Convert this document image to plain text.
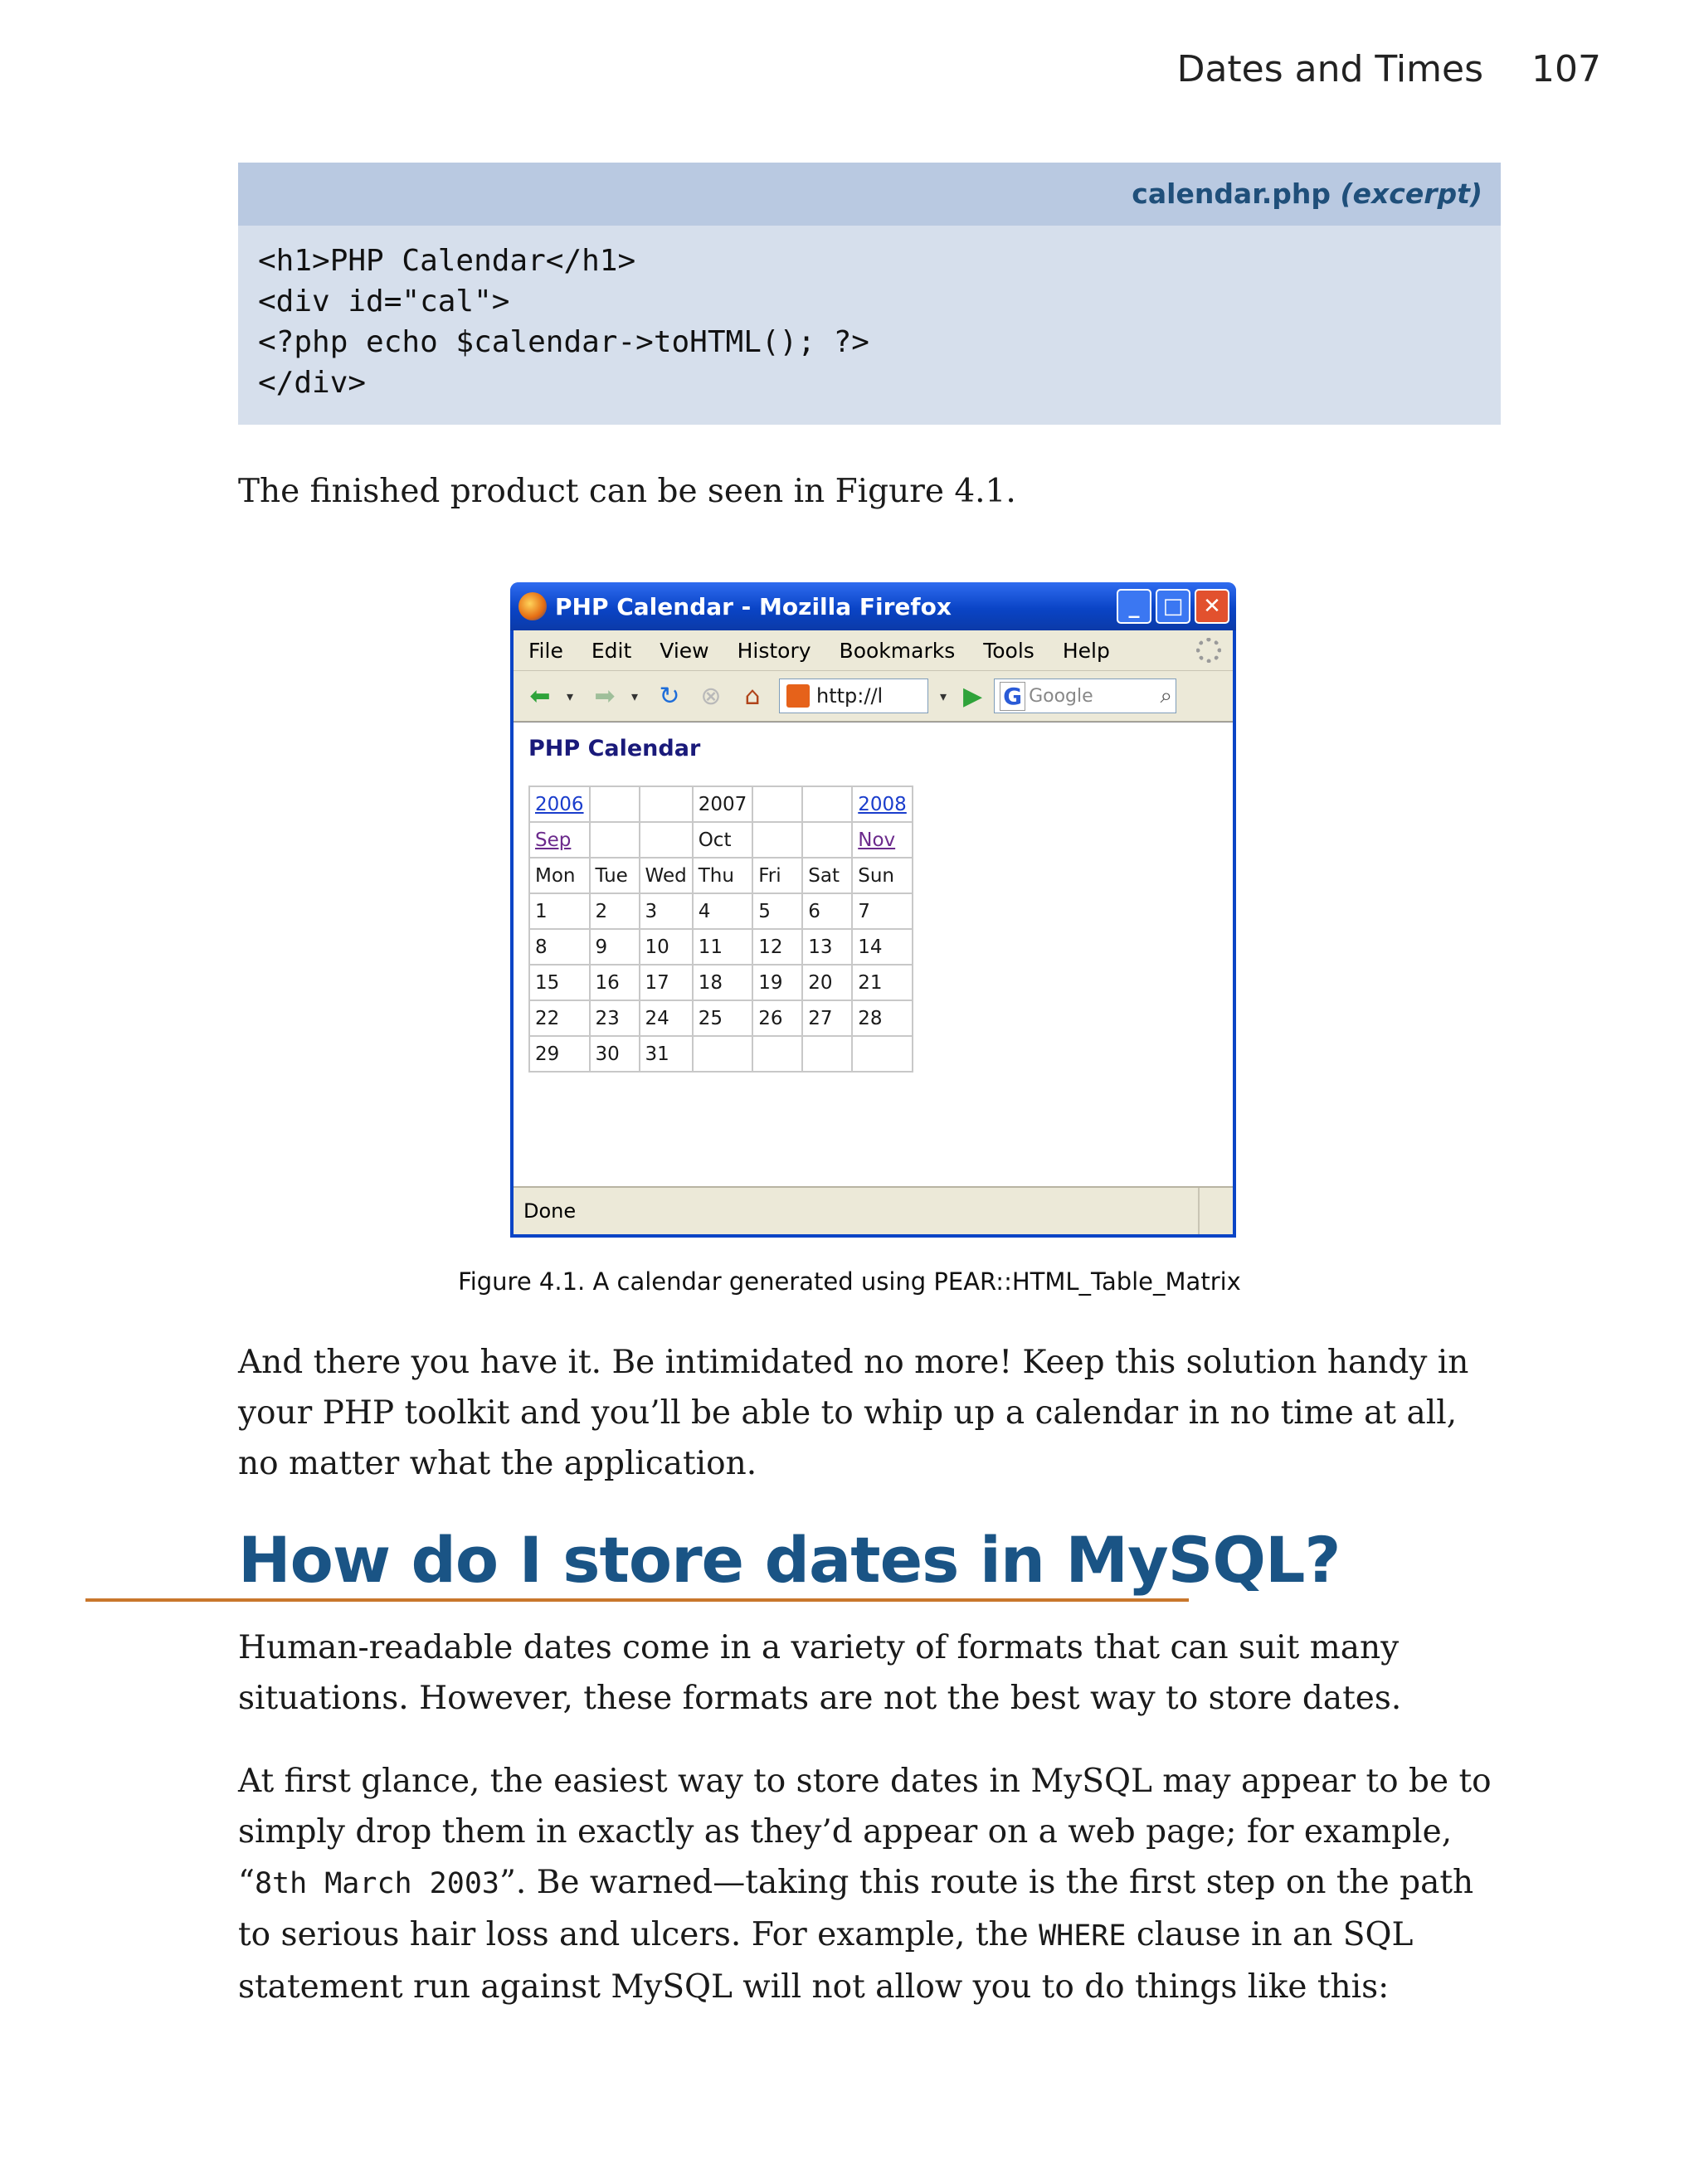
Dates and Times 107
calendar.php (excerpt)
<h1>PHP Calendar</h1>
<div id="cal">
<?php echo $calendar->toHTML(); ?>
</div>

The finished product can be seen in Figure 4.1.

PHP Calendar - Mozilla Firefox	_	□ ✕
File Edit View History Bookmarks Tools Help
⬅	▾ ➡	▾ ↻ ⊗ ⌂	http://l	▾ ▶ G Google	⌕
PHP Calendar
2006			2007			2008
Sep			Oct			Nov
Mon	Tue	Wed	Thu	Fri	Sat	Sun
1	2	3	4	5	6	7
8	9	10	11	12	13	14
15	16	17	18	19	20	21
22	23	24	25	26	27	28
29	30	31				
Done
Figure 4.1. A calendar generated using PEAR::HTML_Table_Matrix

And there you have it. Be intimidated no more! Keep this solution handy in your PHP toolkit and you’ll be able to whip up a calendar in no time at all, no matter what the application.

How do I store dates in MySQL?

Human-readable dates come in a variety of formats that can suit many situations. However, these formats are not the best way to store dates.

At first glance, the easiest way to store dates in MySQL may appear to be to simply drop them in exactly as they’d appear on a web page; for example, “8th March 2003”. Be warned—taking this route is the first step on the path to serious hair loss and ulcers. For example, the WHERE clause in an SQL statement run against MySQL will not allow you to do things like this:
